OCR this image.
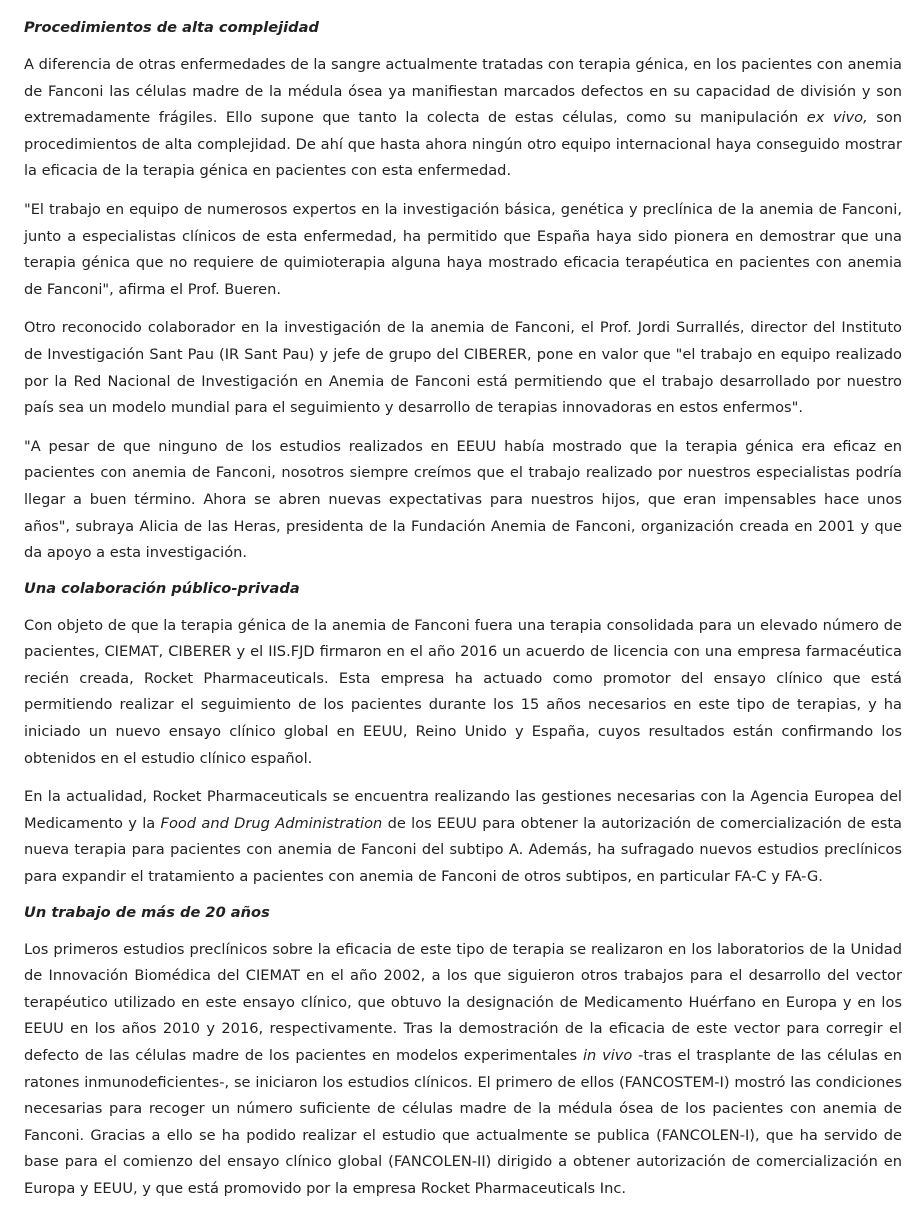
Procedimientos de alta complejidad

A diferencia de otras enfermedades de la sangre actualmente tratadas con terapia génica, en los pacientes con anemia de Fanconi las células madre de la médula ósea ya manifiestan marcados defectos en su capacidad de división y son extremadamente frágiles. Ello supone que tanto la colecta de estas células, como su manipulación ex vivo, son procedimientos de alta complejidad. De ahí que hasta ahora ningún otro equipo internacional haya conseguido mostrar la eficacia de la terapia génica en pacientes con esta enfermedad.

"El trabajo en equipo de numerosos expertos en la investigación básica, genética y preclínica de la anemia de Fanconi, junto a especialistas clínicos de esta enfermedad, ha permitido que España haya sido pionera en demostrar que una terapia génica que no requiere de quimioterapia alguna haya mostrado eficacia terapéutica en pacientes con anemia de Fanconi", afirma el Prof. Bueren.

Otro reconocido colaborador en la investigación de la anemia de Fanconi, el Prof. Jordi Surrallés, director del Instituto de Investigación Sant Pau (IR Sant Pau) y jefe de grupo del CIBERER, pone en valor que "el trabajo en equipo realizado por la Red Nacional de Investigación en Anemia de Fanconi está permitiendo que el trabajo desarrollado por nuestro país sea un modelo mundial para el seguimiento y desarrollo de terapias innovadoras en estos enfermos".

"A pesar de que ninguno de los estudios realizados en EEUU había mostrado que la terapia génica era eficaz en pacientes con anemia de Fanconi, nosotros siempre creímos que el trabajo realizado por nuestros especialistas podría llegar a buen término. Ahora se abren nuevas expectativas para nuestros hijos, que eran impensables hace unos años", subraya Alicia de las Heras, presidenta de la Fundación Anemia de Fanconi, organización creada en 2001 y que da apoyo a esta investigación.

Una colaboración público-privada

Con objeto de que la terapia génica de la anemia de Fanconi fuera una terapia consolidada para un elevado número de pacientes, CIEMAT, CIBERER y el IIS.FJD firmaron en el año 2016 un acuerdo de licencia con una empresa farmacéutica recién creada, Rocket Pharmaceuticals. Esta empresa ha actuado como promotor del ensayo clínico que está permitiendo realizar el seguimiento de los pacientes durante los 15 años necesarios en este tipo de terapias, y ha iniciado un nuevo ensayo clínico global en EEUU, Reino Unido y España, cuyos resultados están confirmando los obtenidos en el estudio clínico español.

En la actualidad, Rocket Pharmaceuticals se encuentra realizando las gestiones necesarias con la Agencia Europea del Medicamento y la Food and Drug Administration de los EEUU para obtener la autorización de comercialización de esta nueva terapia para pacientes con anemia de Fanconi del subtipo A. Además, ha sufragado nuevos estudios preclínicos para expandir el tratamiento a pacientes con anemia de Fanconi de otros subtipos, en particular FA-C y FA-G.

Un trabajo de más de 20 años

Los primeros estudios preclínicos sobre la eficacia de este tipo de terapia se realizaron en los laboratorios de la Unidad de Innovación Biomédica del CIEMAT en el año 2002, a los que siguieron otros trabajos para el desarrollo del vector terapéutico utilizado en este ensayo clínico, que obtuvo la designación de Medicamento Huérfano en Europa y en los EEUU en los años 2010 y 2016, respectivamente. Tras la demostración de la eficacia de este vector para corregir el defecto de las células madre de los pacientes en modelos experimentales in vivo -tras el trasplante de las células en ratones inmunodeficientes-, se iniciaron los estudios clínicos. El primero de ellos (FANCOSTEM-I) mostró las condiciones necesarias para recoger un número suficiente de células madre de la médula ósea de los pacientes con anemia de Fanconi. Gracias a ello se ha podido realizar el estudio que actualmente se publica (FANCOLEN-I), que ha servido de base para el comienzo del ensayo clínico global (FANCOLEN-II) dirigido a obtener autorización de comercialización en Europa y EEUU, y que está promovido por la empresa Rocket Pharmaceuticals Inc.
